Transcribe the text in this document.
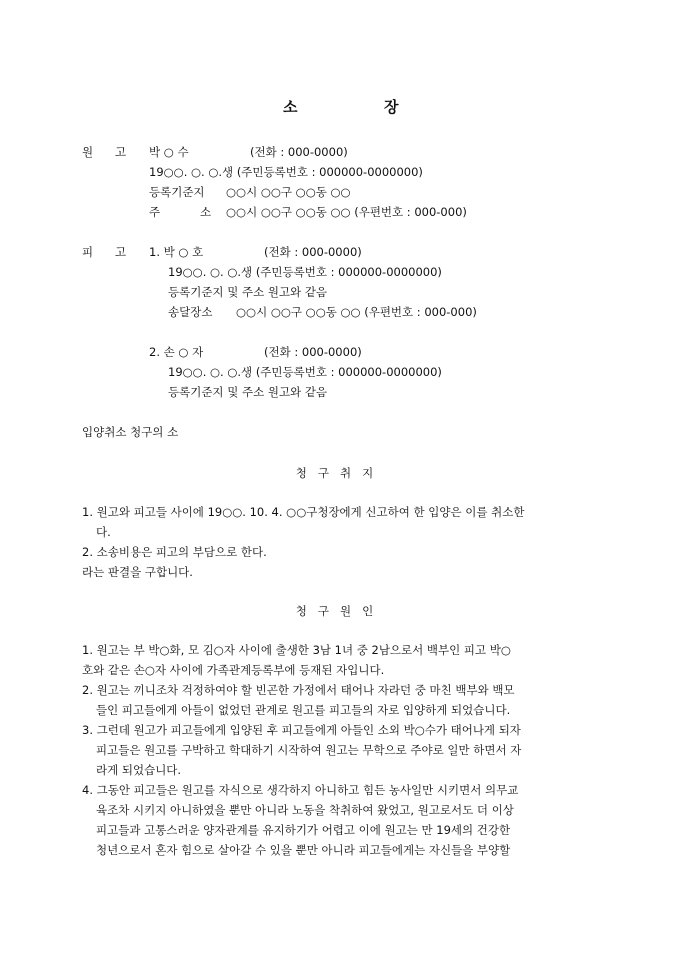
소	장
원 고 박 ○ 수	(전화 : 000-0000)
19○○. ○. ○.생 (주민등록번호 : 000000-0000000)
등록기준지 ○○시 ○○구 ○○동 ○○
주	소 ○○시 ○○구 ○○동 ○○ (우편번호 : 000-000)
피 고 1. 박 ○ 호	(전화 : 000-0000)
19○○. ○. ○.생 (주민등록번호 : 000000-0000000)
등록기준지 및 주소 원고와 같음
송달장소 ○○시 ○○구 ○○동 ○○ (우편번호 : 000-000)
2. 손 ○ 자	(전화 : 000-0000)
19○○. ○. ○.생 (주민등록번호 : 000000-0000000)
등록기준지 및 주소 원고와 같음
입양취소 청구의 소
청구취지
1. 원고와 피고들 사이에 19○○. 10. 4. ○○구청장에게 신고하여 한 입양은 이를 취소한
다.
2. 소송비용은 피고의 부담으로 한다.
라는 판결을 구합니다.
청구원인
1. 원고는 부 박○화, 모 김○자 사이에 출생한 3남 1녀 중 2남으로서 백부인 피고 박○
호와 같은 손○자 사이에 가족관계등록부에 등재된 자입니다.
2. 원고는 끼니조차 걱정하여야 할 빈곤한 가정에서 태어나 자라던 중 마친 백부와 백모
들인 피고들에게 아들이 없었던 관계로 원고를 피고들의 자로 입양하게 되었습니다.
3. 그런데 원고가 피고들에게 입양된 후 피고들에게 아들인 소외 박○수가 태어나게 되자
피고들은 원고를 구박하고 학대하기 시작하여 원고는 무학으로 주야로 일만 하면서 자
라게 되었습니다.
4. 그동안 피고들은 원고를 자식으로 생각하지 아니하고 힘든 농사일만 시키면서 의무교
육조차 시키지 아니하였을 뿐만 아니라 노동을 착취하여 왔었고, 원고로서도 더 이상
피고들과 고통스러운 양자관계를 유지하기가 어렵고 이에 원고는 만 19세의 건강한
청년으로서 혼자 힘으로 살아갈 수 있을 뿐만 아니라 피고들에게는 자신들을 부양할
